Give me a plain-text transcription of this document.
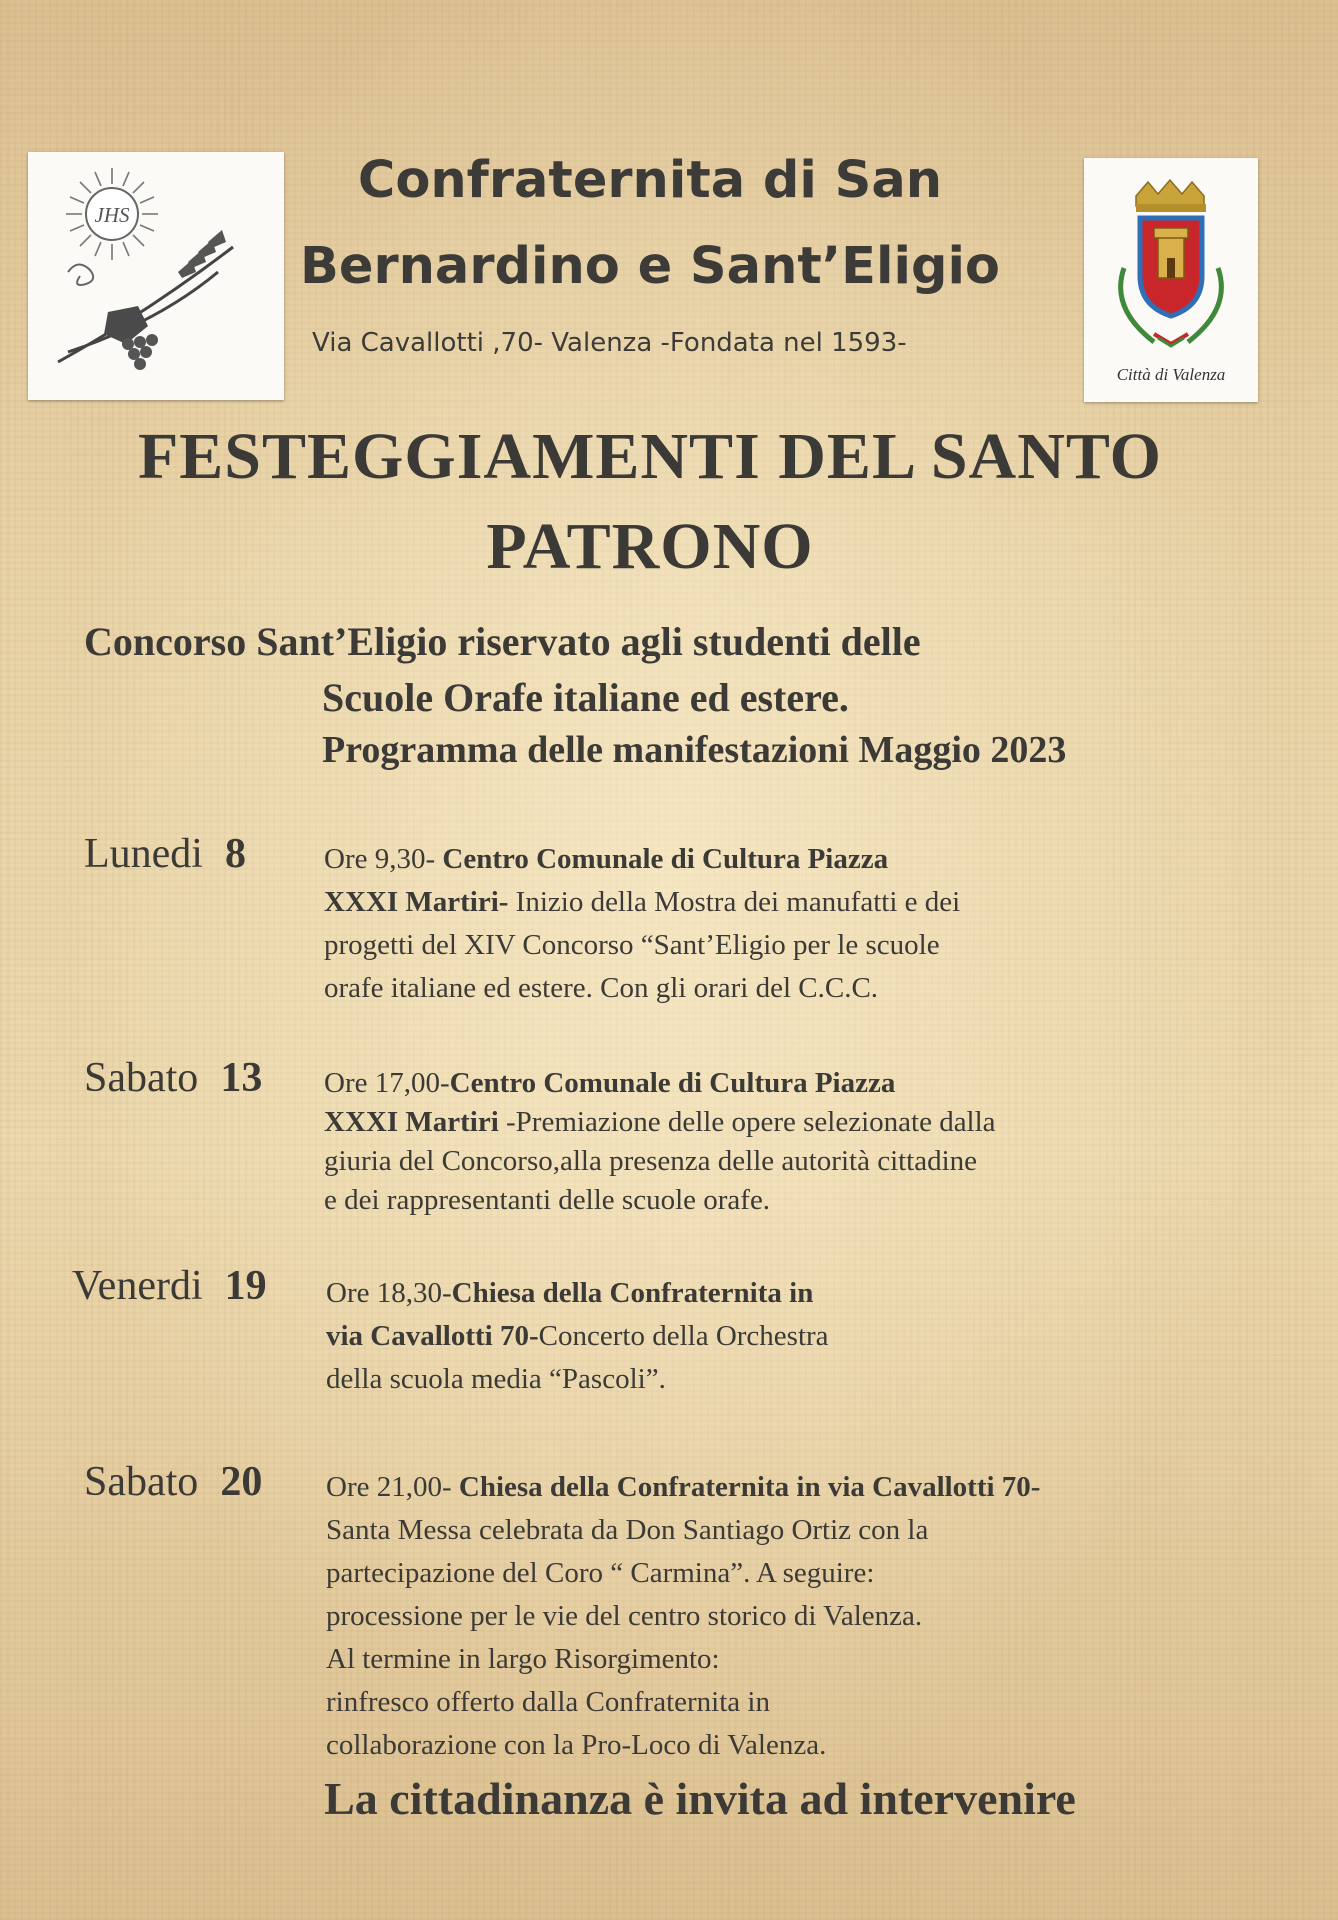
JHS
Confraternita di San
Bernardino e Sant’Eligio
Via Cavallotti ,70- Valenza -Fondata nel 1593-
Città di Valenza
FESTEGGIAMENTI DEL SANTO
PATRONO
Concorso Sant’Eligio riservato agli studenti delle
Scuole Orafe italiane ed estere.
Programma delle manifestazioni Maggio 2023
Lunedi 8	Ore 9,30- Centro Comunale di Cultura Piazza
XXXI Martiri- Inizio della Mostra dei manufatti e dei
progetti del XIV Concorso “Sant’Eligio per le scuole
orafe italiane ed estere. Con gli orari del C.C.C.
Sabato 13 Ore 17,00-Centro Comunale di Cultura Piazza
XXXI Martiri -Premiazione delle opere selezionate dalla
giuria del Concorso,alla presenza delle autorità cittadine
e dei rappresentanti delle scuole orafe.
Venerdi 19 Ore 18,30-Chiesa della Confraternita in
via Cavallotti 70-Concerto della Orchestra
della scuola media “Pascoli”.
Sabato 20 Ore 21,00- Chiesa della Confraternita in via Cavallotti 70-
Santa Messa celebrata da Don Santiago Ortiz con la
partecipazione del Coro “ Carmina”. A seguire:
processione per le vie del centro storico di Valenza.
Al termine in largo Risorgimento:
rinfresco offerto dalla Confraternita in
collaborazione con la Pro-Loco di Valenza.
La cittadinanza è invita ad intervenire
